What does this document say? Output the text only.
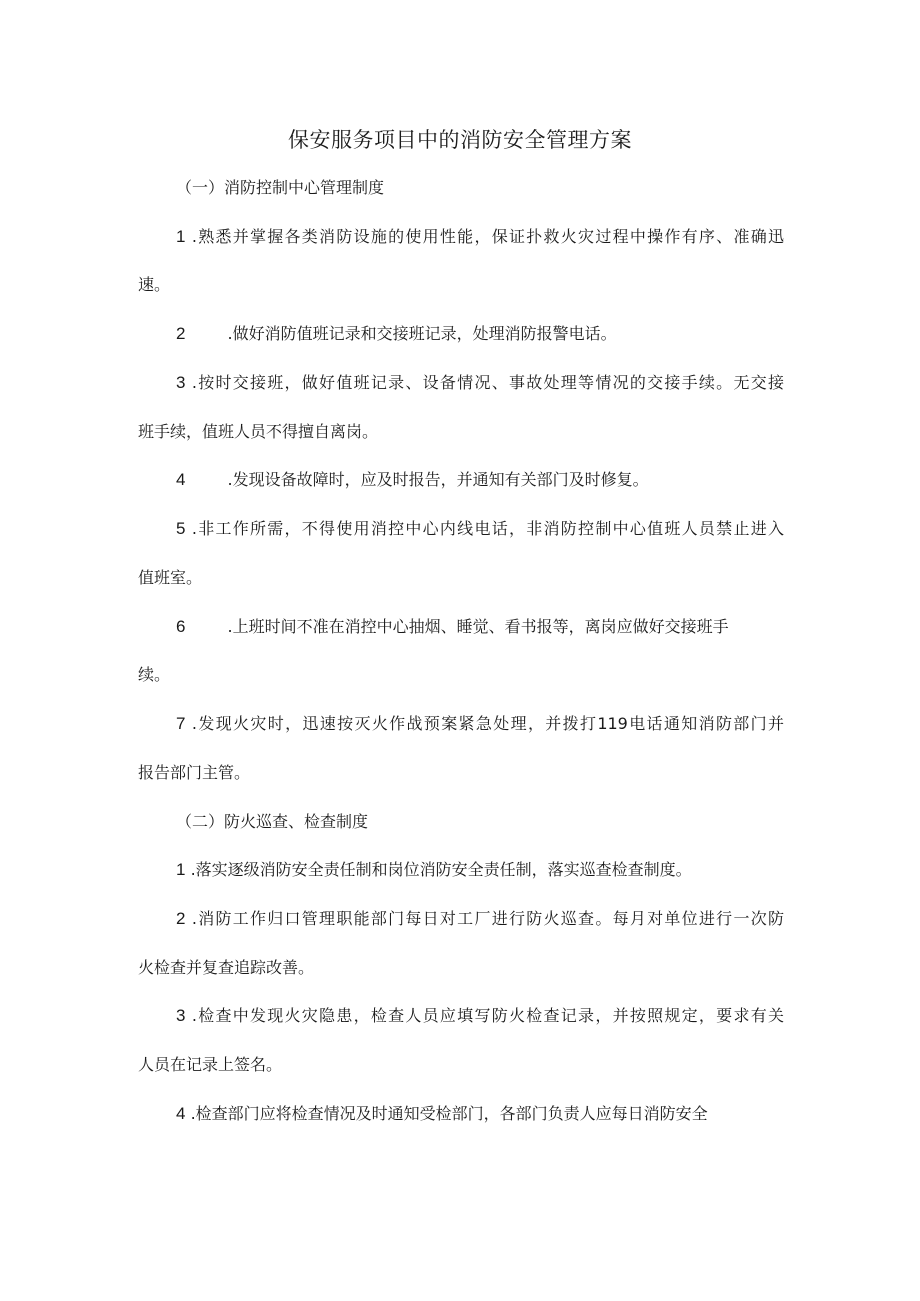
保安服务项目中的消防安全管理方案
（一）消防控制中心管理制度
1 .熟悉并掌握各类消防设施的使用性能，保证扑救火灾过程中操作有序、准确迅
速。
2	.做好消防值班记录和交接班记录，处理消防报警电话。
3 .按时交接班，做好值班记录、设备情况、事故处理等情况的交接手续。无交接
班手续，值班人员不得擅自离岗。
4	.发现设备故障时，应及时报告，并通知有关部门及时修复。
5 .非工作所需，不得使用消控中心内线电话，非消防控制中心值班人员禁止进入
值班室。
6	.上班时间不准在消控中心抽烟、睡觉、看书报等，离岗应做好交接班手
续。
7 .发现火灾时，迅速按灭火作战预案紧急处理，并拨打119电话通知消防部门并
报告部门主管。
（二）防火巡查、检查制度
1 .落实逐级消防安全责任制和岗位消防安全责任制，落实巡查检查制度。
2 .消防工作归口管理职能部门每日对工厂进行防火巡查。每月对单位进行一次防
火检查并复查追踪改善。
3 .检查中发现火灾隐患，检查人员应填写防火检查记录，并按照规定，要求有关
人员在记录上签名。
4 .检查部门应将检查情况及时通知受检部门，各部门负责人应每日消防安全
